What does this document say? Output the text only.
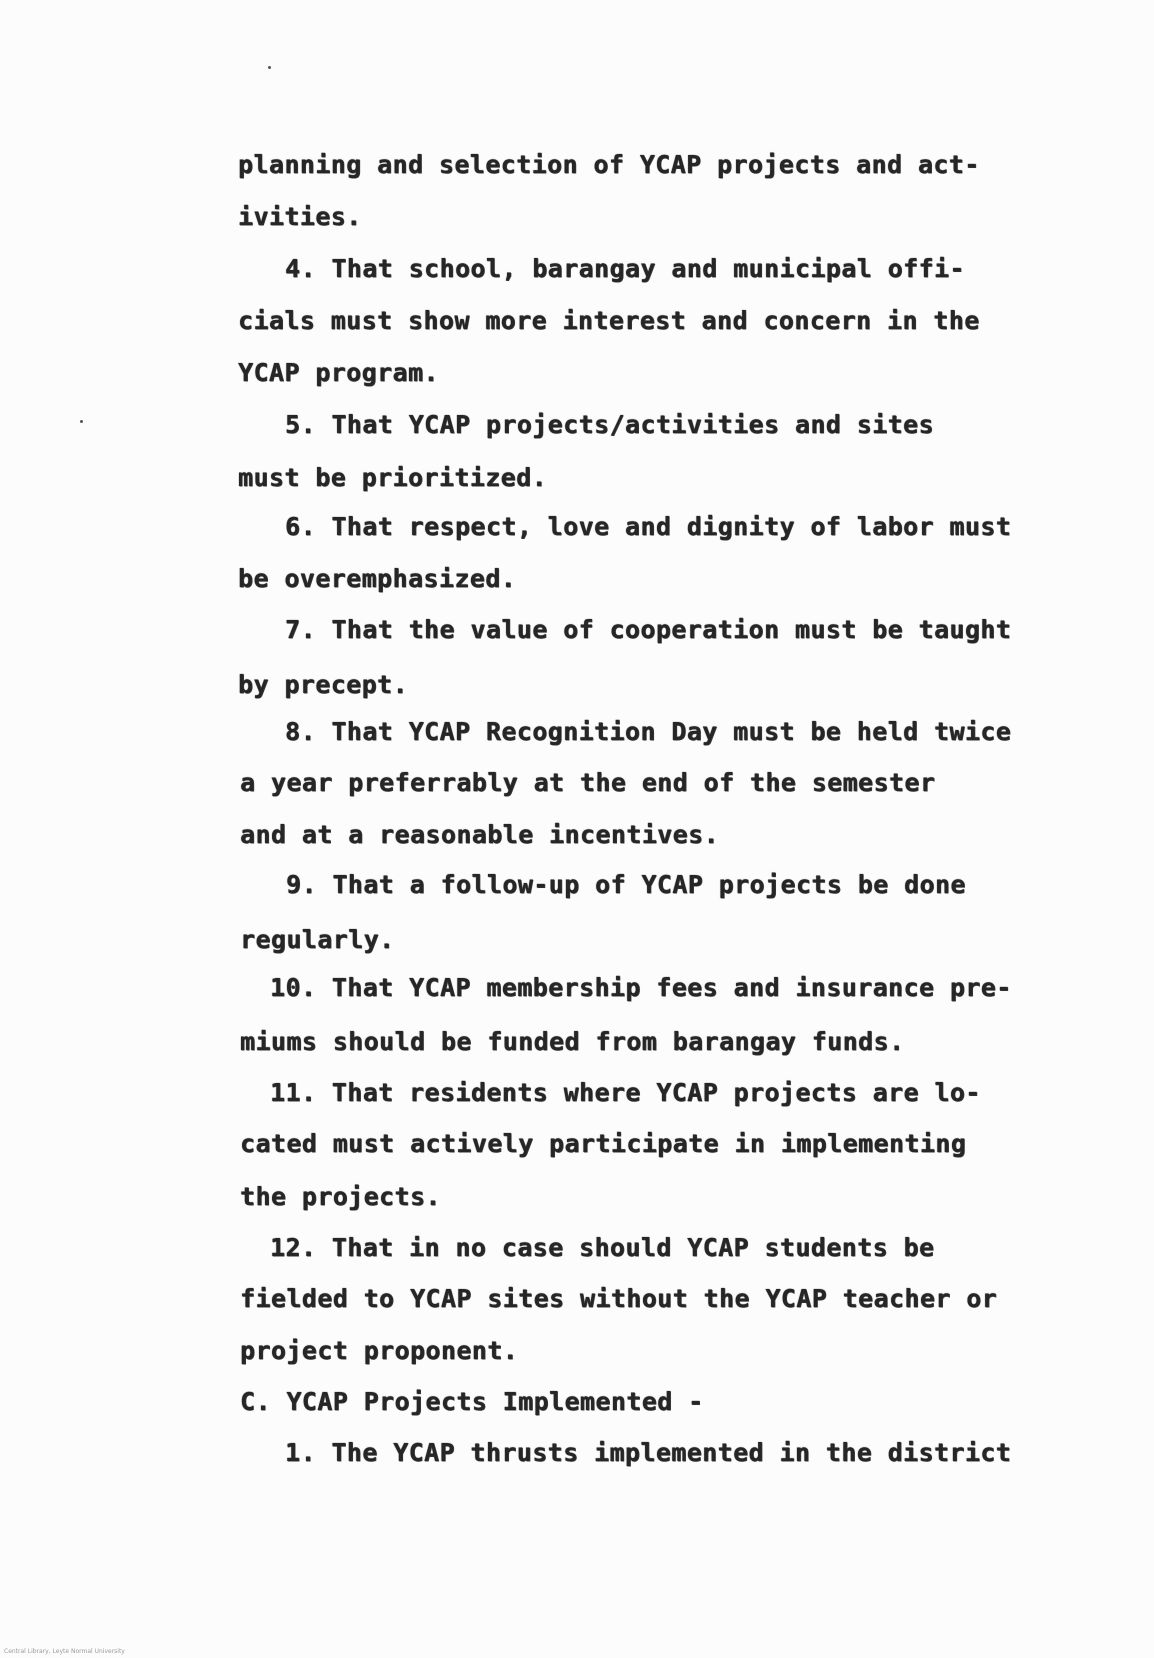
planning and selection of YCAP projects and act-
ivities.
4. That school, barangay and municipal offi-
cials must show more interest and concern in the
YCAP program.
5. That YCAP projects/activities and sites
must be prioritized.
6. That respect, love and dignity of labor must
be overemphasized.
7. That the value of cooperation must be taught
by precept.
8. That YCAP Recognition Day must be held twice
a year preferrably at the end of the semester
and at a reasonable incentives.
9. That a follow-up of YCAP projects be done
regularly.
10. That YCAP membership fees and insurance pre-
miums should be funded from barangay funds.
11. That residents where YCAP projects are lo-
cated must actively participate in implementing
the projects.
12. That in no case should YCAP students be
fielded to YCAP sites without the YCAP teacher or
project proponent.
C. YCAP Projects Implemented -
1. The YCAP thrusts implemented in the district
Central Library, Leyte Normal University
